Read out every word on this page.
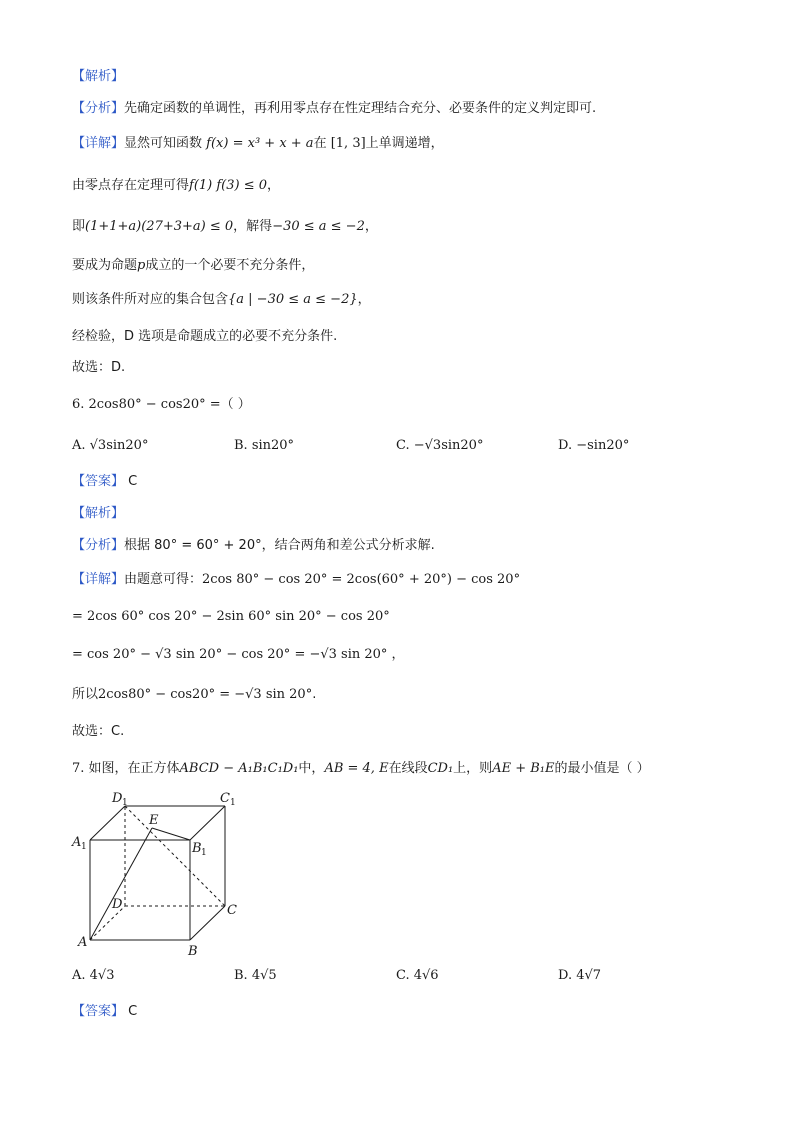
【解析】
【分析】先确定函数的单调性，再利用零点存在性定理结合充分、必要条件的定义判定即可.
【详解】显然可知函数 f(x) = x³ + x + a在 [1, 3]上单调递增，
由零点存在定理可得f(1) f(3) ≤ 0，
即(1+1+a)(27+3+a) ≤ 0，解得−30 ≤ a ≤ −2，
要成为命题p成立的一个必要不充分条件，
则该条件所对应的集合包含{a | −30 ≤ a ≤ −2}，
经检验，D 选项是命题成立的必要不充分条件.
故选：D.
6. 2cos80° − cos20° =（ ）
A. √3sin20°	B. sin20°	C. −√3sin20°	D. −sin20°
【答案】 C
【解析】
【分析】根据 80° = 60° + 20°，结合两角和差公式分析求解.
【详解】由题意可得：2cos 80° − cos 20° = 2cos(60° + 20°) − cos 20°
= 2cos 60° cos 20° − 2sin 60° sin 20° − cos 20°
= cos 20° − √3 sin 20° − cos 20° = −√3 sin 20° ，
所以2cos80° − cos20° = −√3 sin 20°.
故选：C.
7. 如图，在正方体ABCD − A₁B₁C₁D₁中，AB = 4, E在线段CD₁上，则AE + B₁E的最小值是（ ）
D 1	C 1
A 1	B 1
E
D	C
A
B
A. 4√3	B. 4√5	C. 4√6	D. 4√7
【答案】 C
